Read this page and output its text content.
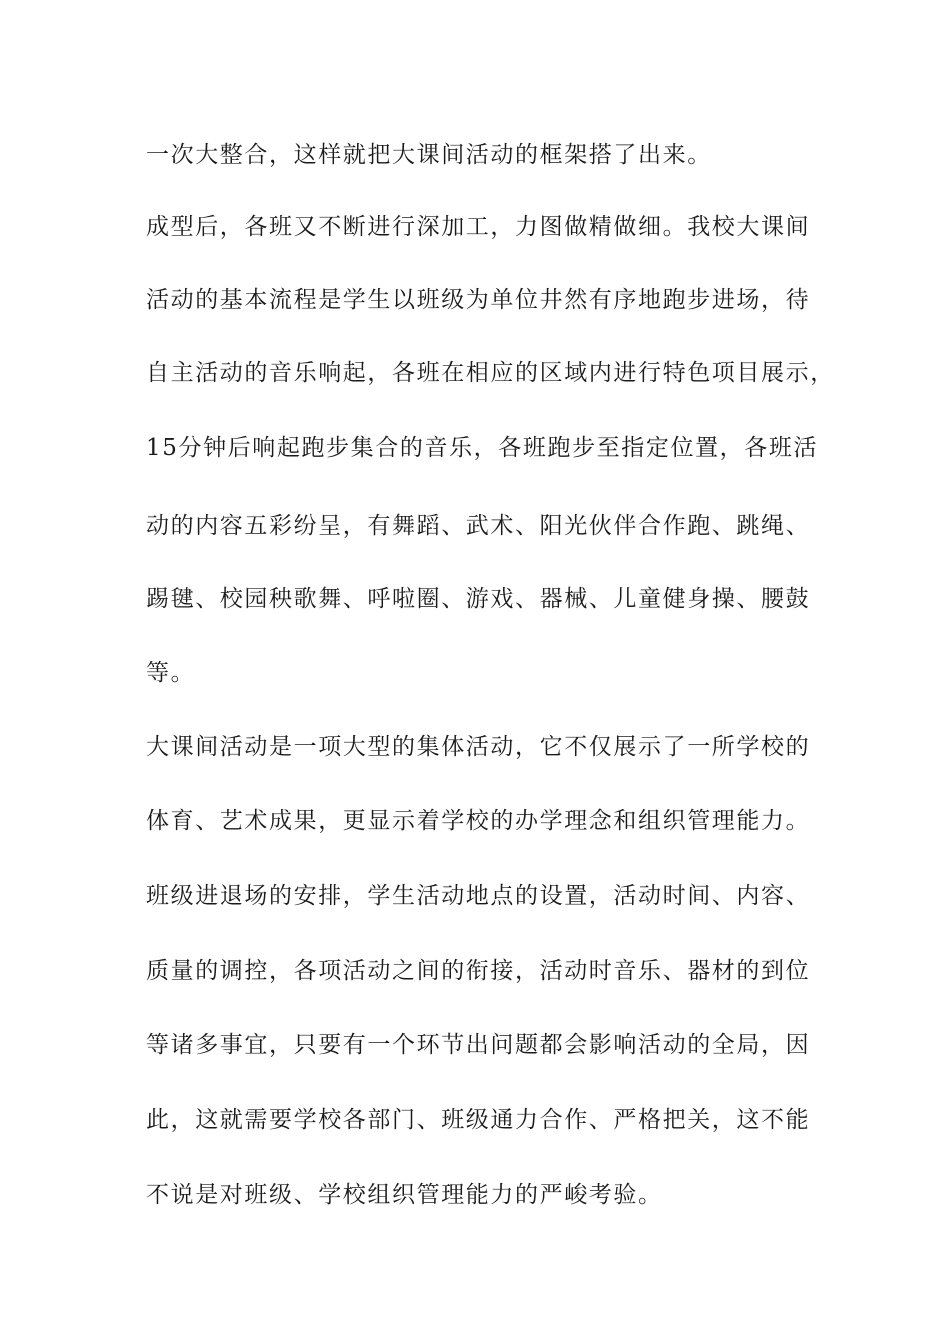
一次大整合，这样就把大课间活动的框架搭了出来。

成型后，各班又不断进行深加工，力图做精做细。我校大课间

活动的基本流程是学生以班级为单位井然有序地跑步进场，待

自主活动的音乐响起，各班在相应的区域内进行特色项目展示，

15分钟后响起跑步集合的音乐，各班跑步至指定位置，各班活

动的内容五彩纷呈，有舞蹈、武术、阳光伙伴合作跑、跳绳、

踢毽、校园秧歌舞、呼啦圈、游戏、器械、儿童健身操、腰鼓

等。

大课间活动是一项大型的集体活动，它不仅展示了一所学校的

体育、艺术成果，更显示着学校的办学理念和组织管理能力。

班级进退场的安排，学生活动地点的设置，活动时间、内容、

质量的调控，各项活动之间的衔接，活动时音乐、器材的到位

等诸多事宜，只要有一个环节出问题都会影响活动的全局，因

此，这就需要学校各部门、班级通力合作、严格把关，这不能

不说是对班级、学校组织管理能力的严峻考验。
